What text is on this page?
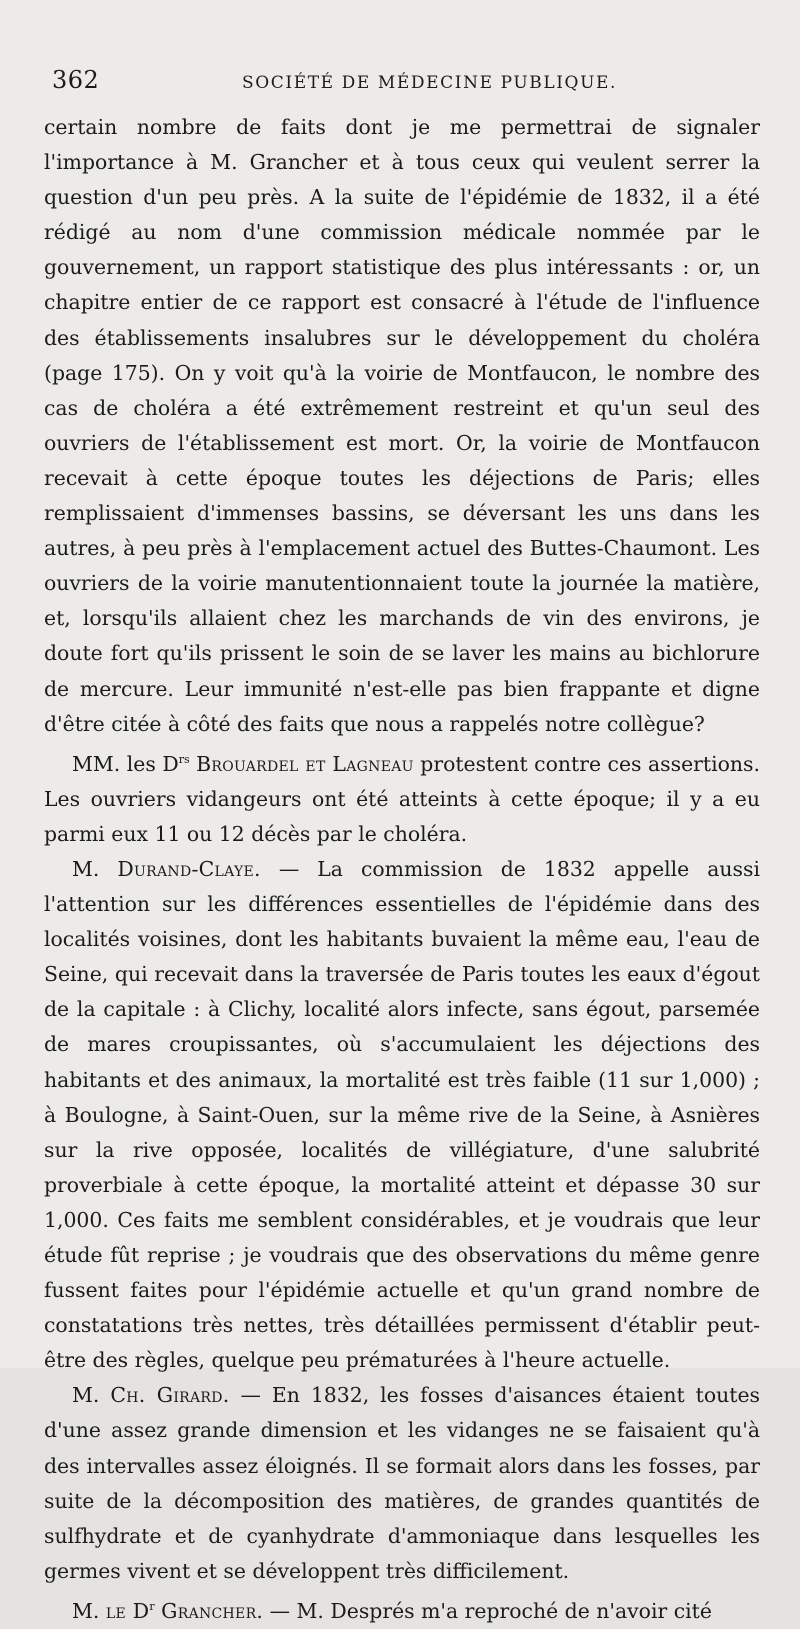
362	SOCIÉTÉ DE MÉDECINE PUBLIQUE.

certain nombre de faits dont je me permettrai de signaler l'importance à M. Grancher et à tous ceux qui veulent serrer la question d'un peu près. A la suite de l'épidémie de 1832, il a été rédigé au nom d'une commission médicale nommée par le gouvernement, un rapport statistique des plus intéressants : or, un chapitre entier de ce rapport est consacré à l'étude de l'influence des établissements insalubres sur le développement du choléra (page 175). On y voit qu'à la voirie de Montfaucon, le nombre des cas de choléra a été extrêmement restreint et qu'un seul des ouvriers de l'établissement est mort. Or, la voirie de Montfaucon recevait à cette époque toutes les déjections de Paris; elles remplissaient d'immenses bassins, se déversant les uns dans les autres, à peu près à l'emplacement actuel des Buttes-Chaumont. Les ouvriers de la voirie manutentionnaient toute la journée la matière, et, lorsqu'ils allaient chez les marchands de vin des environs, je doute fort qu'ils prissent le soin de se laver les mains au bichlorure de mercure. Leur immunité n'est-elle pas bien frappante et digne d'être citée à côté des faits que nous a rappelés notre collègue?

MM. les $D^{rs}$ Brouardel et Lagneau protestent contre ces assertions. Les ouvriers vidangeurs ont été atteints à cette époque; il y a eu parmi eux 11 ou 12 décès par le choléra.

M. Durand-Claye. — La commission de 1832 appelle aussi l'attention sur les différences essentielles de l'épidémie dans des localités voisines, dont les habitants buvaient la même eau, l'eau de Seine, qui recevait dans la traversée de Paris toutes les eaux d'égout de la capitale : à Clichy, localité alors infecte, sans égout, parsemée de mares croupissantes, où s'accumulaient les déjections des habitants et des animaux, la mortalité est très faible (11 sur 1,000) ; à Boulogne, à Saint-Ouen, sur la même rive de la Seine, à Asnières sur la rive opposée, localités de villégiature, d'une salubrité proverbiale à cette époque, la mortalité atteint et dépasse 30 sur 1,000. Ces faits me semblent considérables, et je voudrais que leur étude fût reprise ; je voudrais que des observations du même genre fussent faites pour l'épidémie actuelle et qu'un grand nombre de constatations très nettes, très détaillées permissent d'établir peut-être des règles, quelque peu prématurées à l'heure actuelle.

M. Ch. Girard. — En 1832, les fosses d'aisances étaient toutes d'une assez grande dimension et les vidanges ne se faisaient qu'à des intervalles assez éloignés. Il se formait alors dans les fosses, par suite de la décomposition des matières, de grandes quantités de sulfhydrate et de cyanhydrate d'ammoniaque dans lesquelles les germes vivent et se développent très difficilement.

M. le $D^r$ Grancher. — M. Després m'a reproché de n'avoir cité
